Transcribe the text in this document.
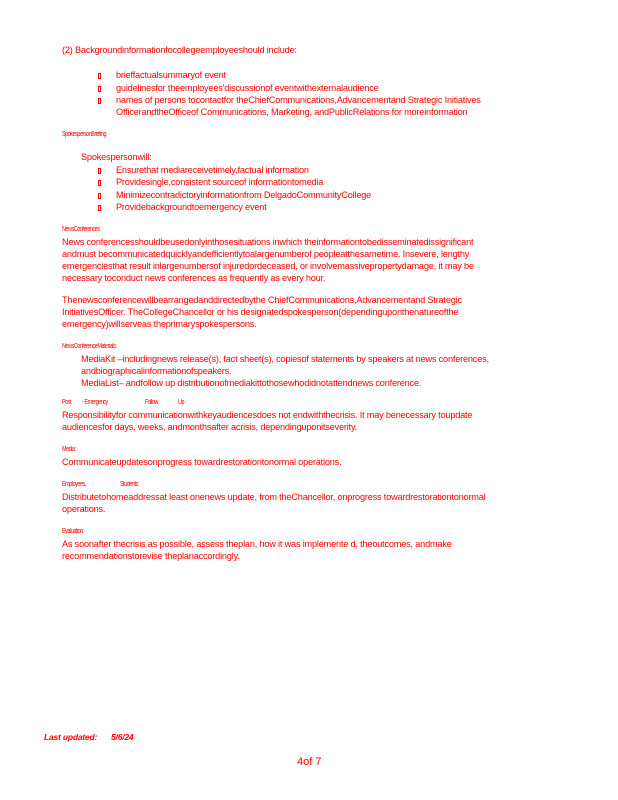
(2) Backgroundinformationfocollegeemployeeshould include:
brieffactualsummaryof event
guidelinesfor theemployees'discussionof eventwithexternalaudience
names of persons tocontactfor theChiefCommunications,Advancementand Strategic Initiatives
OfficerandtheOfficeof Communications, Marketing, andPublicRelations for moreinformation
SpokespersonBriefing
Spokespersonwill:
Ensurethat mediareceivetimely,factual information
Providesingle,consistent sourceof informationtomedia
Minimizecontradictoryinformationfrom DelgadoCommunityCollege
Providebackgroundtoemergency event
NewsConferences
News conferencesshouldbeusedonlyinthosesituations inwhich theinformationtobedisseminatedissignificant
andmust becommunicatedquicklyandefficientlytoalargenumberof peopleatthesametime. Insevere, lengthy
emergenciesthat result inlargenumbersof injuredordeceased, or involvemassivepropertydamage, it may be
necessary toconduct news conferences as frequently as every hour.
Thenewsconferencewillbearrangedanddirectedbythe ChiefCommunications,Advancementand Strategic
InitiativesOfficer. TheCollegeChancellor or his designatedspokesperson(dependinguponthenatureofthe
emergency)willserveas theprimaryspokespersons.
NewsConferenceMaterials:
MediaKit –includingnews release(s), fact sheet(s), copiesof statements by speakers at news conferences,
andbiographicalinformationofspeakers.
MediaList– andfollow up distributionofmediakittothosewhodidnotattendnews conference.
Post - Emergency	Follow	Up
Responsibilityfor communicationwithkeyaudiencesdoes not endwiththecrisis. It may benecessary toupdate
audiencesfor days, weeks, andmonthsafter acrisis, dependinguponitseverity.
Media:
Communicateupdatesonprogress towardrestorationtonormal operations.
Employees,	Students:
Distributetohomeaddressat least onenews update, from theChancellor, onprogress towardrestorationtonormal
operations.
Evaluation:
As soonafter thecrisis as possible, assess theplan, how it was implemente d, theoutcomes, andmake
recommendationstorevise theplanaccordingly.
Last updated: 5/6/24
4of 7
